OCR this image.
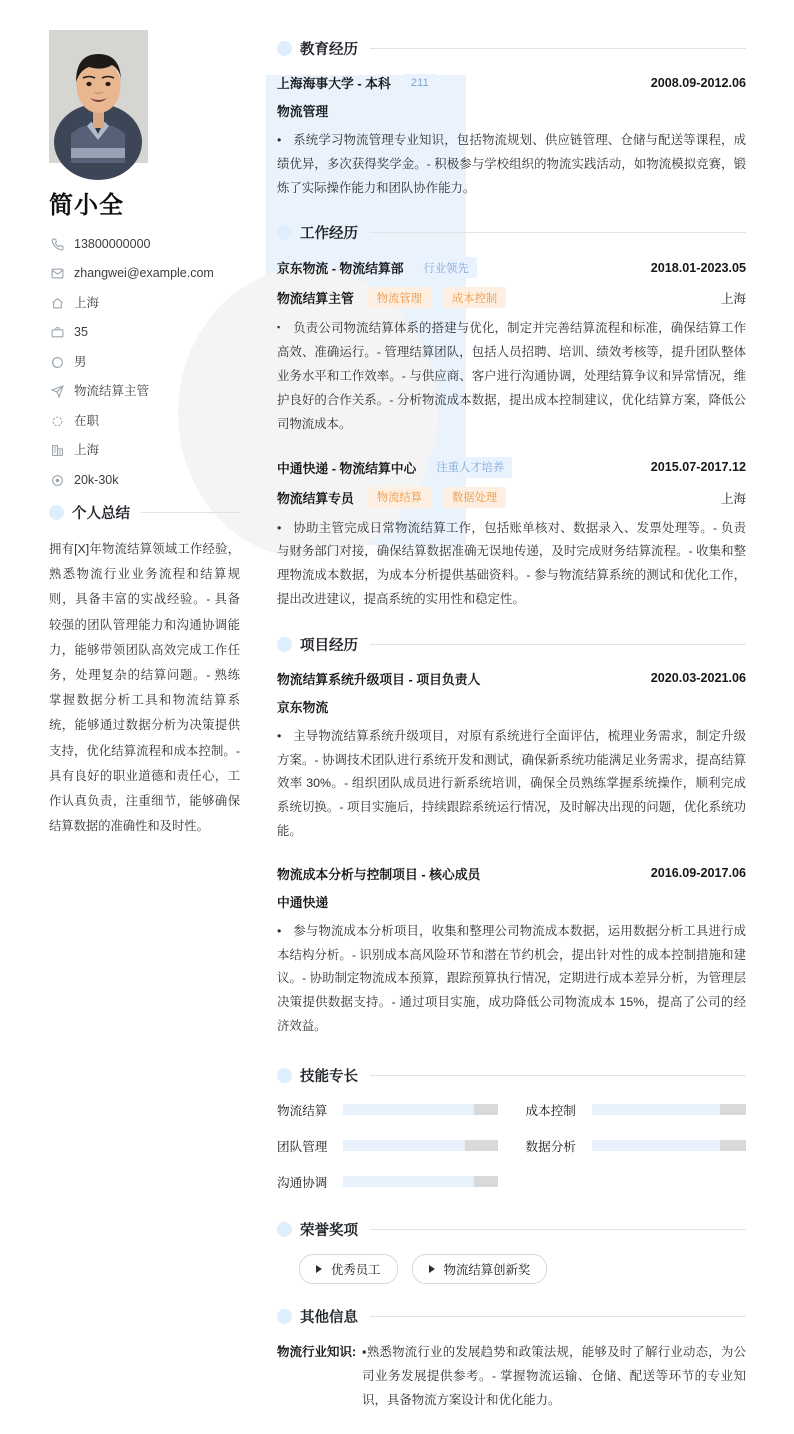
简小全
13800000000
zhangwei@example.com
上海
35
男
物流结算主管
在职
上海
20k-30k
个人总结
拥有[X]年物流结算领域工作经验，熟悉物流行业业务流程和结算规则，具备丰富的实战经验。- 具备较强的团队管理能力和沟通协调能力，能够带领团队高效完成工作任务，处理复杂的结算问题。- 熟练掌握数据分析工具和物流结算系统，能够通过数据分析为决策提供支持，优化结算流程和成本控制。- 具有良好的职业道德和责任心，工作认真负责，注重细节，能够确保结算数据的准确性和及时性。
教育经历
上海海事大学 - 本科	211	2008.09-2012.06
物流管理
• 系统学习物流管理专业知识，包括物流规划、供应链管理、仓储与配送等课程，成绩优异，多次获得奖学金。- 积极参与学校组织的物流实践活动，如物流模拟竞赛，锻炼了实际操作能力和团队协作能力。
工作经历
京东物流 - 物流结算部	行业领先	2018.01-2023.05
物流结算主管	物流管理	成本控制	上海
▪ 负责公司物流结算体系的搭建与优化，制定并完善结算流程和标准，确保结算工作高效、准确运行。- 管理结算团队，包括人员招聘、培训、绩效考核等，提升团队整体业务水平和工作效率。- 与供应商、客户进行沟通协调，处理结算争议和异常情况，维护良好的合作关系。- 分析物流成本数据，提出成本控制建议，优化结算方案，降低公司物流成本。
中通快递 - 物流结算中心	注重人才培养	2015.07-2017.12
物流结算专员	物流结算	数据处理	上海
• 协助主管完成日常物流结算工作，包括账单核对、数据录入、发票处理等。- 负责与财务部门对接，确保结算数据准确无误地传递，及时完成财务结算流程。- 收集和整理物流成本数据，为成本分析提供基础资料。- 参与物流结算系统的测试和优化工作，提出改进建议，提高系统的实用性和稳定性。
项目经历
物流结算系统升级项目 - 项目负责人	2020.03-2021.06
京东物流
• 主导物流结算系统升级项目，对原有系统进行全面评估，梳理业务需求，制定升级方案。- 协调技术团队进行系统开发和测试，确保新系统功能满足业务需求，提高结算效率 30%。- 组织团队成员进行新系统培训，确保全员熟练掌握系统操作，顺利完成系统切换。- 项目实施后，持续跟踪系统运行情况，及时解决出现的问题，优化系统功能。
物流成本分析与控制项目 - 核心成员	2016.09-2017.06
中通快递
• 参与物流成本分析项目，收集和整理公司物流成本数据，运用数据分析工具进行成本结构分析。- 识别成本高风险环节和潜在节约机会，提出针对性的成本控制措施和建议。- 协助制定物流成本预算，跟踪预算执行情况，定期进行成本差异分析，为管理层决策提供数据支持。- 通过项目实施，成功降低公司物流成本 15%，提高了公司的经济效益。
技能专长
物流结算	成本控制
团队管理	数据分析
沟通协调
荣誉奖项
优秀员工	物流结算创新奖
其他信息
物流行业知识: ▪熟悉物流行业的发展趋势和政策法规，能够及时了解行业动态，为公司业务发展提供参考。- 掌握物流运输、仓储、配送等环节的专业知识，具备物流方案设计和优化能力。
